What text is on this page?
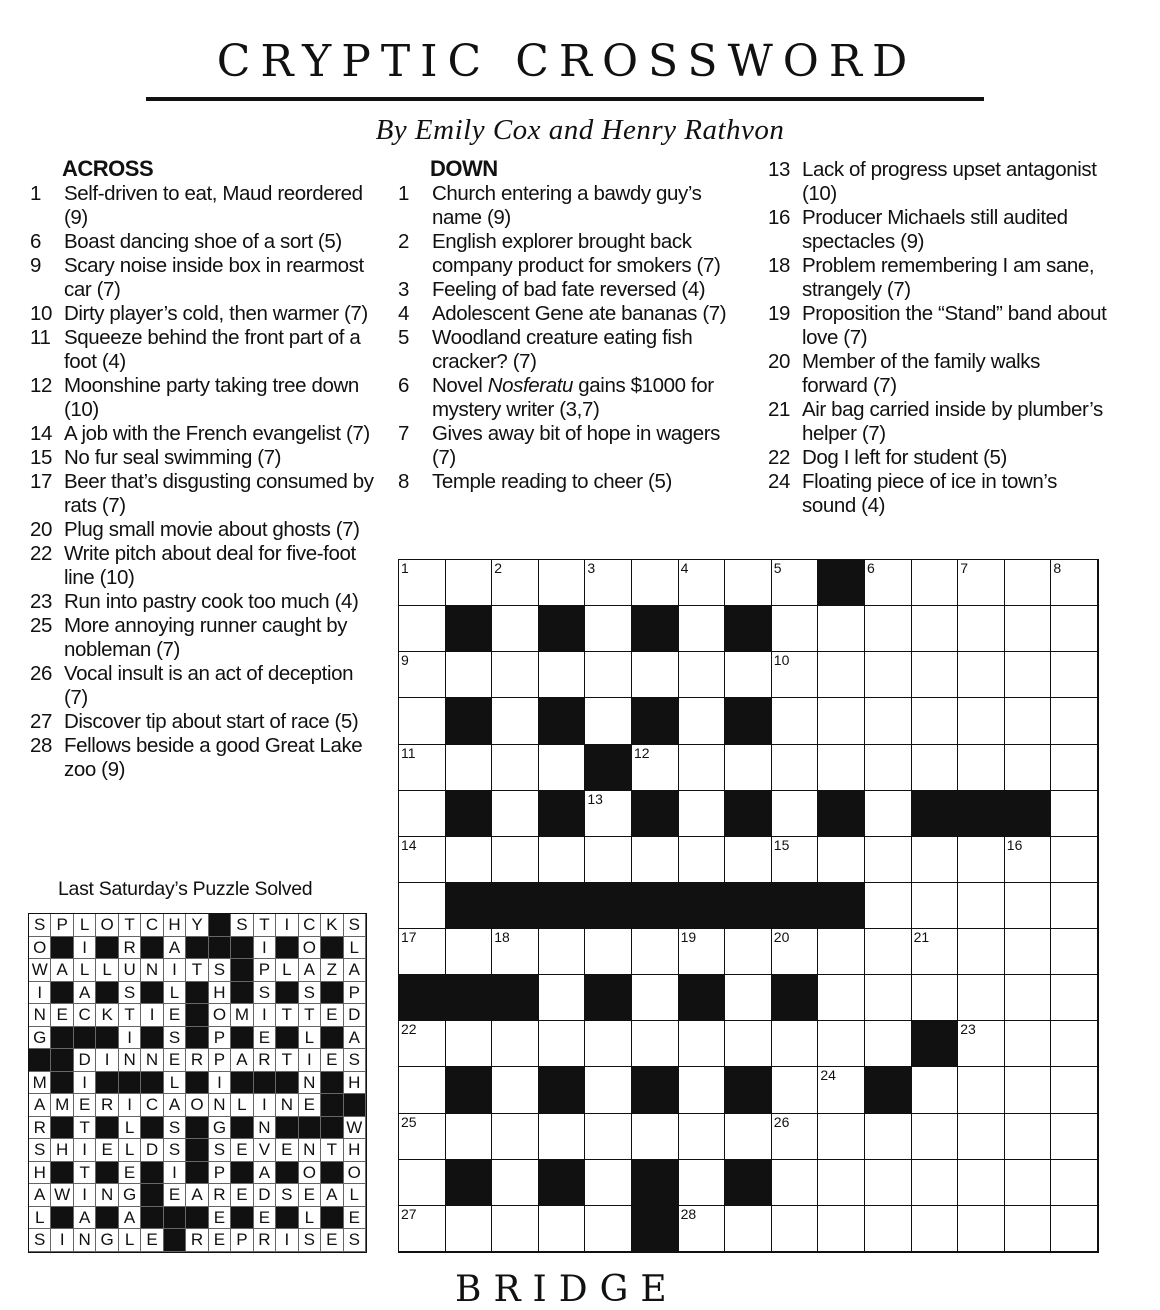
CRYPTIC CROSSWORD
By Emily Cox and Henry Rathvon
ACROSS	DOWN
1	Self-driven to eat, Maud reordered (9)
6	Boast dancing shoe of a sort (5)
9	Scary noise inside box in rearmost car (7)
10 Dirty player’s cold, then warmer (7)
11 Squeeze behind the front part of a foot (4)
12 Moonshine party taking tree down (10)
14 A job with the French evangelist (7)
15 No fur seal swimming (7)
17 Beer that’s disgusting consumed by rats (7)
20 Plug small movie about ghosts (7)
22 Write pitch about deal for five-foot line (10)
23 Run into pastry cook too much (4)
25 More annoying runner caught by nobleman (7)
26 Vocal insult is an act of deception (7)
27 Discover tip about start of race (5)
28 Fellows beside a good Great Lake zoo (9)
1	Church entering a bawdy guy’s name (9)
2	English explorer brought back company product for smokers (7)
3	Feeling of bad fate reversed (4)
4	Adolescent Gene ate bananas (7)
5	Woodland creature eating fish cracker? (7)
6	Novel Nosferatu gains $1000 for mystery writer (3,7)
7	Gives away bit of hope in wagers (7)
8	Temple reading to cheer (5)
13 Lack of progress upset antagonist (10)
16 Producer Michaels still audited spectacles (9)
18 Problem remembering I am sane, strangely (7)
19 Proposition the “Stand” band about love (7)
20 Member of the family walks forward (7)
21 Air bag carried inside by plumber’s helper (7)
22 Dog I left for student (5)
24 Floating piece of ice in town’s sound (4)
Last Saturday’s Puzzle Solved
S P L O T C H Y	S T I C K S
O	I	R	A	I	O	L
W A L L U N I T S	P L A Z A
I	A	S	L	H	S	S	P
N E C K T I E	O M I T T E D
G	I	S	P	E	L	A
D I N N E R P A R T I E S
M	I	L	I	N	H
A M E R I C A O N L I N E
R	T	L	S	G	N	W
S H I E L D S	S E V E N T H
H	T	E	I	P	A	O	O
A W I N G	E A R E D S E A L
L	A	A	E	E	L	E
S I N G L E	R E P R I S E S
1	2	3	4	5	6	7	8
9	10
11	12
13
14	15	16
17	18	19	20	21
22	23
24
25	26
27	28
BRIDGE
